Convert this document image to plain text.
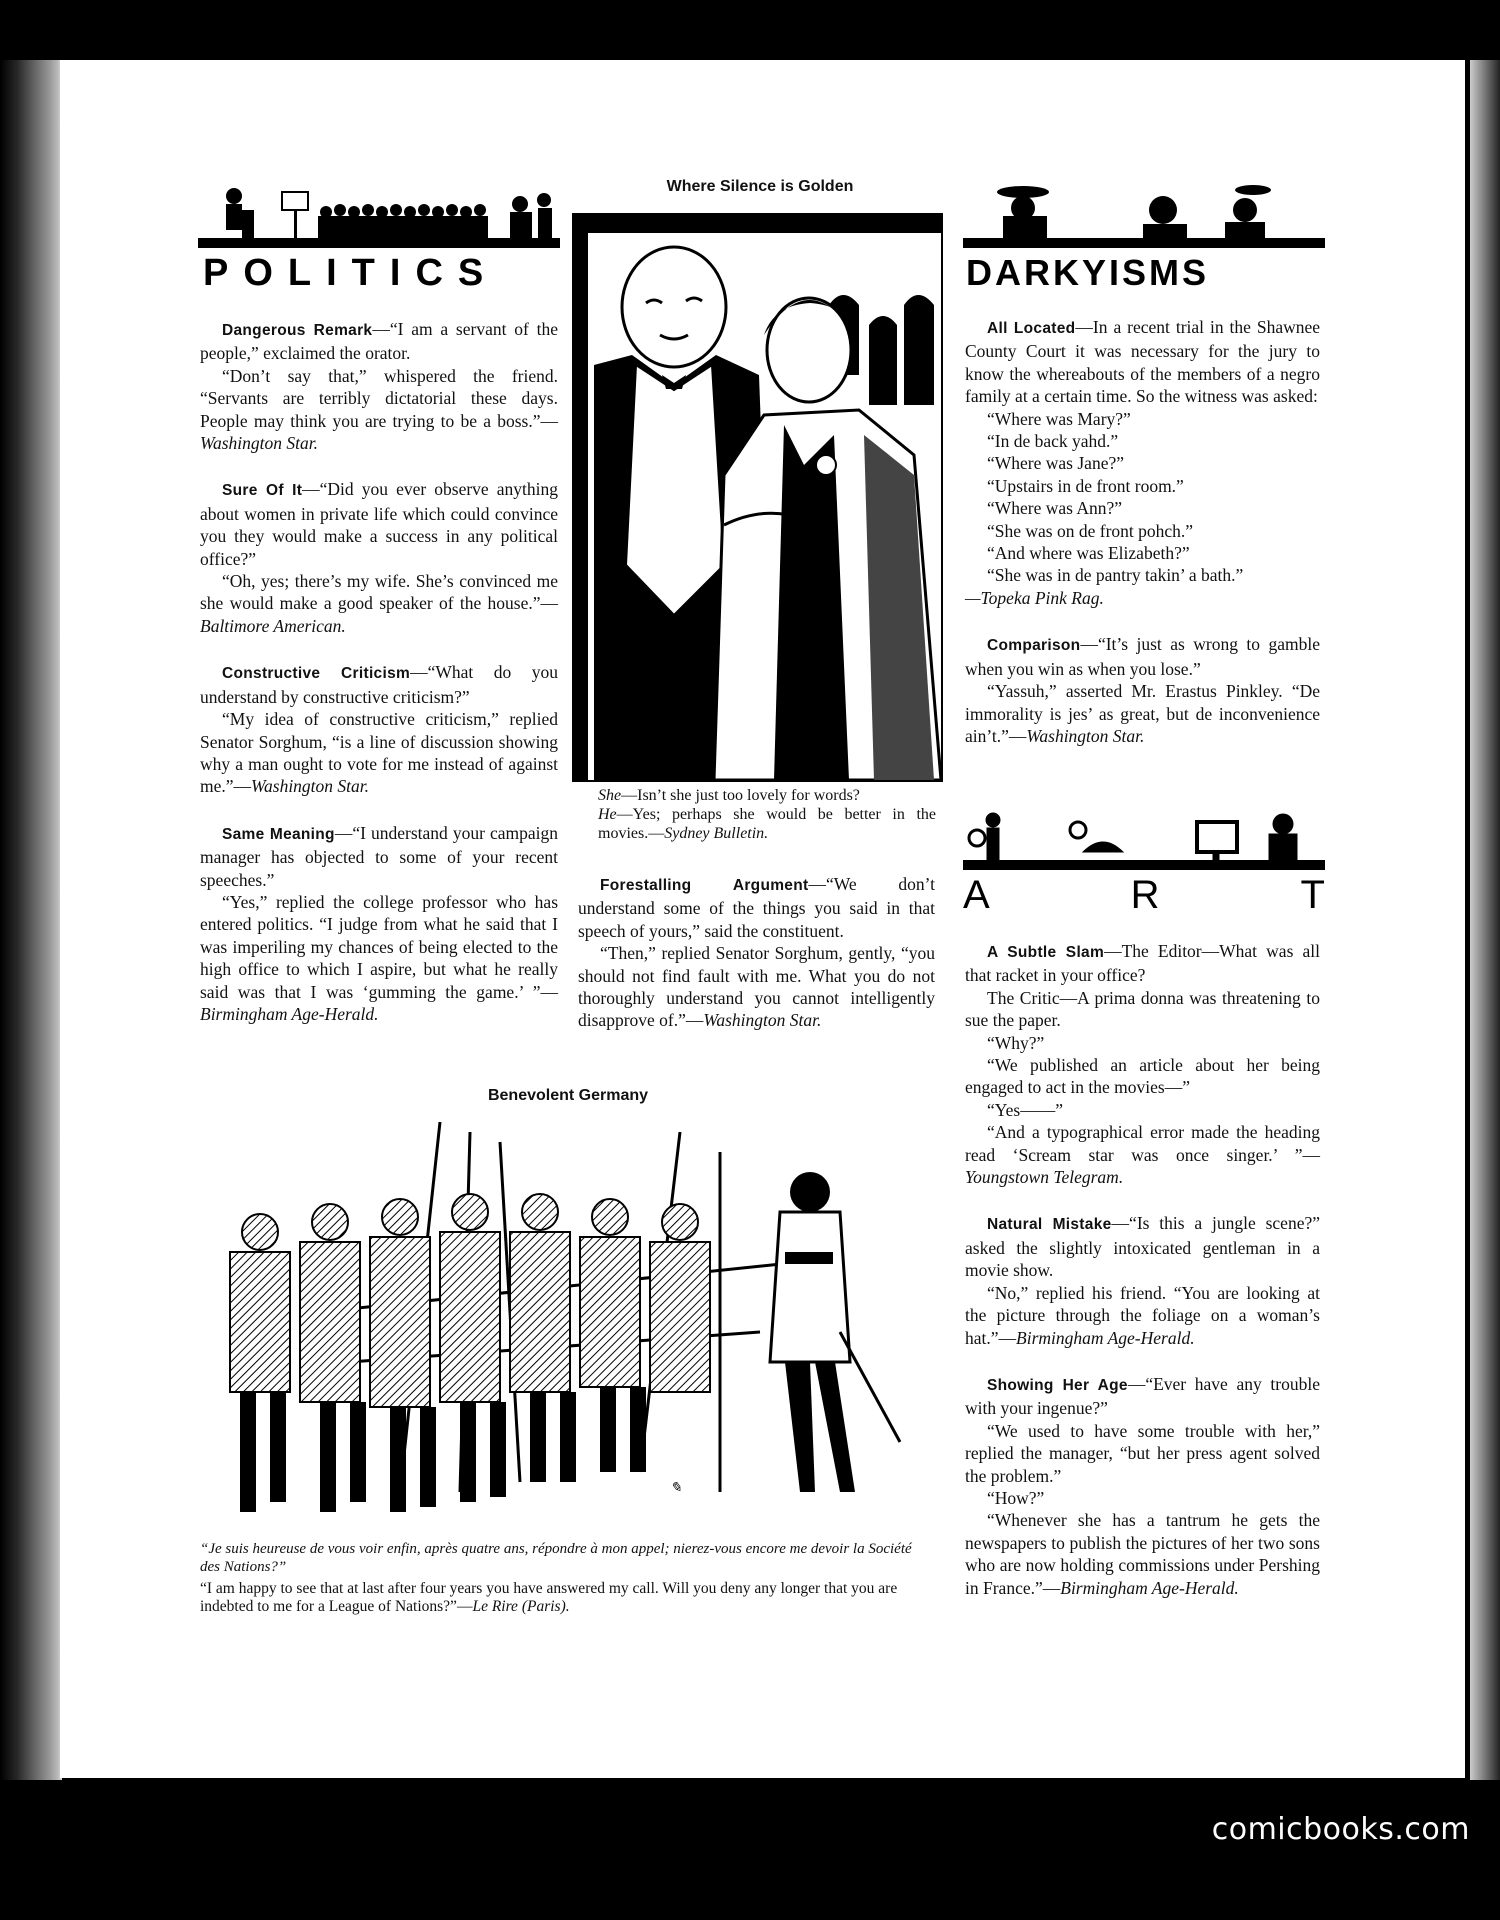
POLITICS

Dangerous Remark—“I am a servant of the people,” exclaimed the orator.

“Don’t say that,” whispered the friend. “Servants are terribly dictatorial these days. People may think you are trying to be a boss.”—Washington Star.

Sure Of It—“Did you ever observe anything about women in private life which could convince you they would make a success in any political office?”

“Oh, yes; there’s my wife. She’s convinced me she would make a good speaker of the house.”—Baltimore American.

Constructive Criticism—“What do you understand by constructive criticism?”

“My idea of constructive criticism,” replied Senator Sorghum, “is a line of discussion showing why a man ought to vote for me instead of against me.”—Washington Star.

Same Meaning—“I understand your campaign manager has objected to some of your recent speeches.”

“Yes,” replied the college professor who has entered politics. “I judge from what he said that I was imperiling my chances of being elected to the high office to which I aspire, but what he really said was that I was ‘gumming the game.’ ”—Birmingham Age-Herald.

Where Silence is Golden
She—Isn’t she just too lovely for words?
He—Yes; perhaps she would be better in the movies.—Sydney Bulletin.

Forestalling Argument—“We don’t understand some of the things you said in that speech of yours,” said the constituent.

“Then,” replied Senator Sorghum, gently, “you should not find fault with me. What you do not thoroughly understand you cannot intelligently disapprove of.”—Washington Star.

Benevolent Germany
✎
“Je suis heureuse de vous voir enfin, après quatre ans, répondre à mon appel; nierez-vous encore me devoir la Société des Nations?”
“I am happy to see that at last after four years you have answered my call. Will you deny any longer that you are indebted to me for a League of Nations?”—Le Rire (Paris).
DARKYISMS

All Located—In a recent trial in the Shawnee County Court it was necessary for the jury to know the whereabouts of the members of a negro family at a certain time. So the witness was asked:

“Where was Mary?”

“In de back yahd.”

“Where was Jane?”

“Upstairs in de front room.”

“Where was Ann?”

“She was on de front pohch.”

“And where was Elizabeth?”

“She was in de pantry takin’ a bath.”

—Topeka Pink Rag.

Comparison—“It’s just as wrong to gamble when you win as when you lose.”

“Yassuh,” asserted Mr. Erastus Pinkley. “De immorality is jes’ as great, but de inconvenience ain’t.”—Washington Star.

A	R	T

A Subtle Slam—The Editor—What was all that racket in your office?

The Critic—A prima donna was threatening to sue the paper.

“Why?”

“We published an article about her being engaged to act in the movies—”

“Yes——”

“And a typographical error made the heading read ‘Scream star was once singer.’ ”—Youngstown Telegram.

Natural Mistake—“Is this a jungle scene?” asked the slightly intoxicated gentleman in a movie show.

“No,” replied his friend. “You are looking at the picture through the foliage on a woman’s hat.”—Birmingham Age-Herald.

Showing Her Age—“Ever have any trouble with your ingenue?”

“We used to have some trouble with her,” replied the manager, “but her press agent solved the problem.”

“How?”

“Whenever she has a tantrum he gets the newspapers to publish the pictures of her two sons who are now holding commissions under Pershing in France.”—Birmingham Age-Herald.

comicbooks.com
